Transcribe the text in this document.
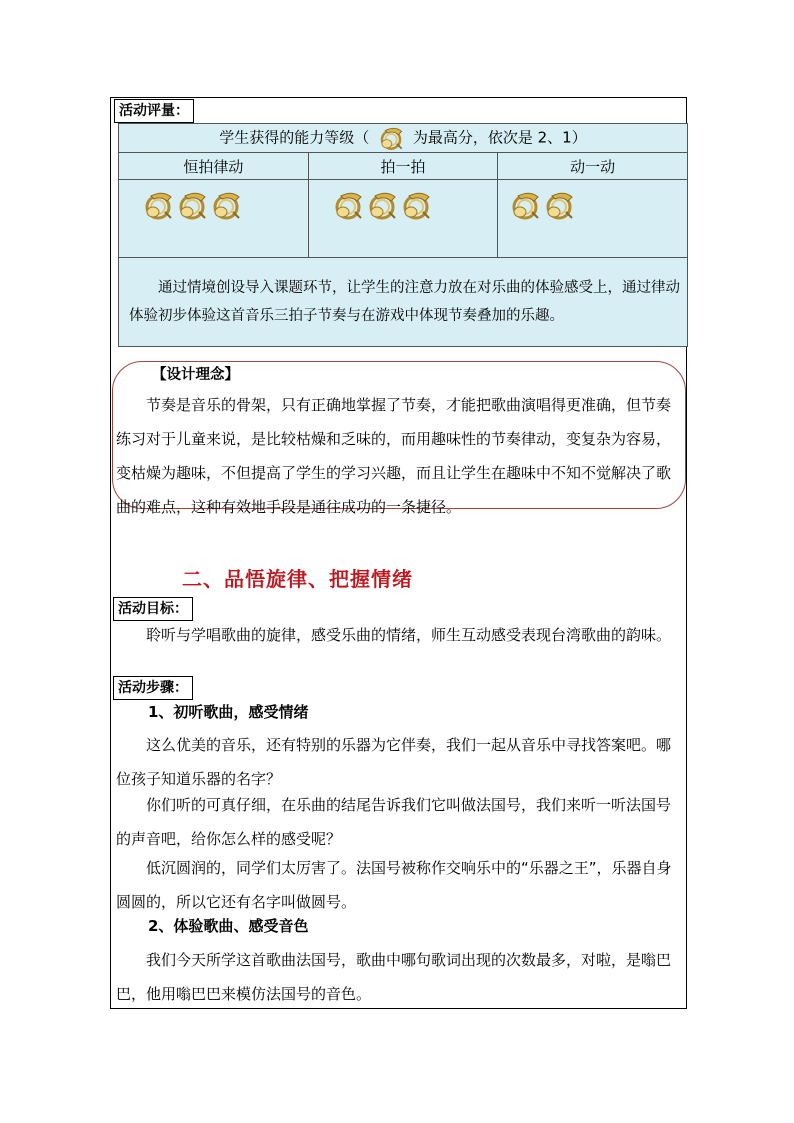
活动评量：
学生获得的能力等级（ 为最高分，依次是 2、1）		
恒拍律动	拍一拍	动一动

通过情境创设导入课题环节，让学生的注意力放在对乐曲的体验感受上，通过律动体验初步体验这首音乐三拍子节奏与在游戏中体现节奏叠加的乐趣。		
【设计理念】
节奏是音乐的骨架，只有正确地掌握了节奏，才能把歌曲演唱得更准确，但节奏练习对于儿童来说，是比较枯燥和乏味的，而用趣味性的节奏律动，变复杂为容易，变枯燥为趣味，不但提高了学生的学习兴趣，而且让学生在趣味中不知不觉解决了歌曲的难点，这种有效地手段是通往成功的一条捷径。
二、品悟旋律、把握情绪
活动目标：
聆听与学唱歌曲的旋律，感受乐曲的情绪，师生互动感受表现台湾歌曲的韵味。
活动步骤：
1、初听歌曲，感受情绪
这么优美的音乐，还有特别的乐器为它伴奏，我们一起从音乐中寻找答案吧。哪位孩子知道乐器的名字？
你们听的可真仔细，在乐曲的结尾告诉我们它叫做法国号，我们来听一听法国号的声音吧，给你怎么样的感受呢？
低沉圆润的，同学们太厉害了。法国号被称作交响乐中的“乐器之王”，乐器自身圆圆的，所以它还有名字叫做圆号。
2、体验歌曲、感受音色
我们今天所学这首歌曲法国号，歌曲中哪句歌词出现的次数最多，对啦，是嗡巴巴，他用嗡巴巴来模仿法国号的音色。
